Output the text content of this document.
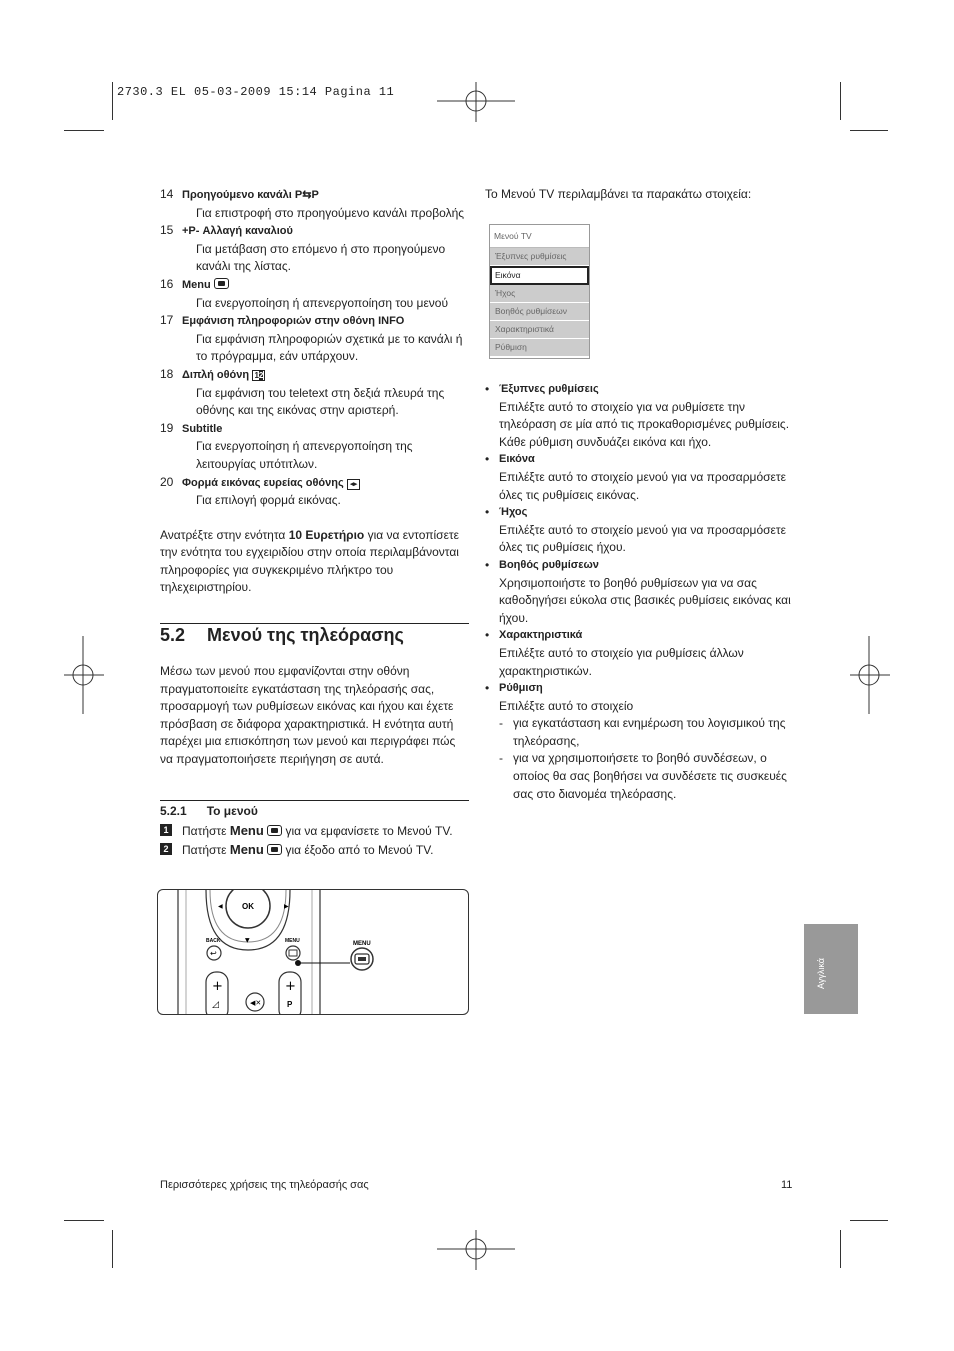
2730.3 EL 05-03-2009 15:14 Pagina 11
14 Προηγούμενο κανάλι P⇆P
Για επιστροφή στο προηγούμενο κανάλι προβολής
15 +P- Αλλαγή καναλιού
Για μετάβαση στο επόμενο ή στο προηγούμενο κανάλι της λίστας.
16 Menu
Για ενεργοποίηση ή απενεργοποίηση του μενού
17 Εμφάνιση πληροφοριών στην οθόνη INFO
Για εμφάνιση πληροφοριών σχετικά με το κανάλι ή το πρόγραμμα, εάν υπάρχουν.
18 Διπλή οθόνη 12
Για εμφάνιση του teletext στη δεξιά πλευρά της οθόνης και της εικόνας στην αριστερή.
19 Subtitle
Για ενεργοποίηση ή απενεργοποίηση της λειτουργίας υπότιτλων.
20 Φορμά εικόνας ευρείας οθόνης ◂▸
Για επιλογή φορμά εικόνας.
Ανατρέξτε στην ενότητα 10 Ευρετήριο για να εντοπίσετε την ενότητα του εγχειριδίου στην οποία περιλαμβάνονται πληροφορίες για συγκεκριμένο πλήκτρο του τηλεχειριστηρίου.
5.2 Μενού της τηλεόρασης
Μέσω των μενού που εμφανίζονται στην οθόνη πραγματοποιείτε εγκατάσταση της τηλεόρασής σας, προσαρμογή των ρυθμίσεων εικόνας και ήχου και έχετε πρόσβαση σε διάφορα χαρακτηριστικά. Η ενότητα αυτή παρέχει μια επισκόπηση των μενού και περιγράφει πώς να πραγματοποιήσετε περιήγηση σε αυτά.
5.2.1 Το μενού
1 Πατήστε Menu  για να εμφανίσετε το Μενού TV.
2 Πατήστε Menu  για έξοδο από το Μενού TV.
OK
◀	▶
▼
BACK
↩
MENU	MENU
+
◿	◀✕
+
P
Το Μενού TV περιλαμβάνει τα παρακάτω στοιχεία:
Μενού TV
Έξυπνες ρυθμίσεις
Εικόνα
Ήχος
Βοηθός ρυθμίσεων
Χαρακτηριστικά
Ρύθμιση
• Έξυπνες ρυθμίσεις
Επιλέξτε αυτό το στοιχείο για να ρυθμίσετε την τηλεόραση σε μία από τις προκαθορισμένες ρυθμίσεις. Κάθε ρύθμιση συνδυάζει εικόνα και ήχο.
• Εικόνα
Επιλέξτε αυτό το στοιχείο μενού για να προσαρμόσετε όλες τις ρυθμίσεις εικόνας.
• Ήχος
Επιλέξτε αυτό το στοιχείο μενού για να προσαρμόσετε όλες τις ρυθμίσεις ήχου.
• Βοηθός ρυθμίσεων
Χρησιμοποιήστε το βοηθό ρυθμίσεων για να σας καθοδηγήσει εύκολα στις βασικές ρυθμίσεις εικόνας και ήχου.
• Χαρακτηριστικά
Επιλέξτε αυτό το στοιχείο για ρυθμίσεις άλλων χαρακτηριστικών.
• Ρύθμιση
Επιλέξτε αυτό το στοιχείο
- για εγκατάσταση και ενημέρωση του λογισμικού της τηλεόρασης,
- για να χρησιμοποιήσετε το βοηθό συνδέσεων, ο οποίος θα σας βοηθήσει να συνδέσετε τις συσκευές σας στο διανομέα τηλεόρασης.
Αγγλικά
Περισσότερες χρήσεις της τηλεόρασής σας	11
